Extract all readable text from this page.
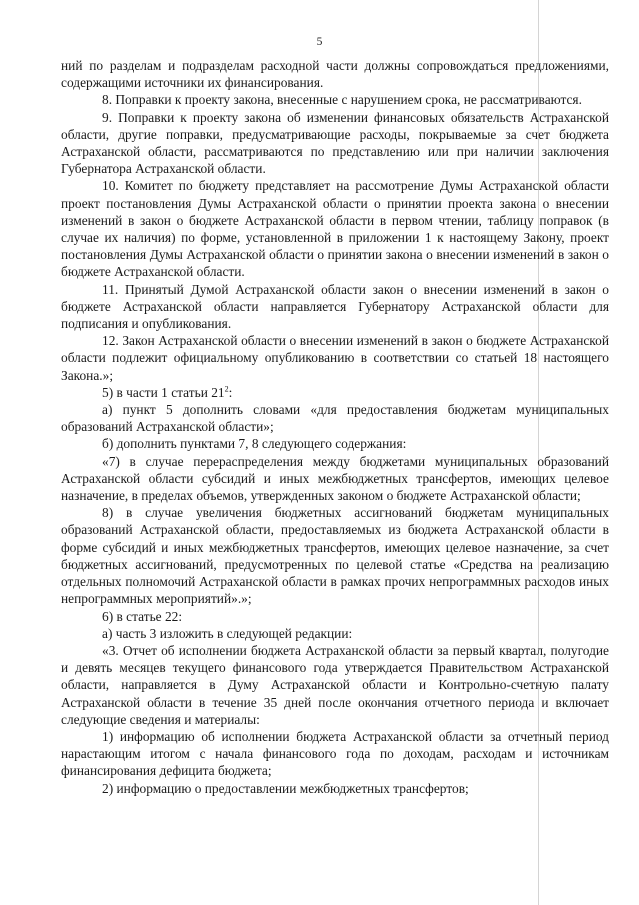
5

ний по разделам и подразделам расходной части должны сопровождаться предложениями, содержащими источники их финансирования.

8. Поправки к проекту закона, внесенные с нарушением срока, не рассматриваются.

9. Поправки к проекту закона об изменении финансовых обязательств Астраханской области, другие поправки, предусматривающие расходы, покрываемые за счет бюджета Астраханской области, рассматриваются по представлению или при наличии заключения Губернатора Астраханской области.

10. Комитет по бюджету представляет на рассмотрение Думы Астраханской области проект постановления Думы Астраханской области о принятии проекта закона о внесении изменений в закон о бюджете Астраханской области в первом чтении, таблицу поправок (в случае их наличия) по форме, установленной в приложении 1 к настоящему Закону, проект постановления Думы Астраханской области о принятии закона о внесении изменений в закон о бюджете Астраханской области.

11. Принятый Думой Астраханской области закон о внесении изменений в закон о бюджете Астраханской области направляется Губернатору Астраханской области для подписания и опубликования.

12. Закон Астраханской области о внесении изменений в закон о бюджете Астраханской области подлежит официальному опубликованию в соответствии со статьей 18 настоящего Закона.»;

5) в части 1 статьи $21^2$:

а) пункт 5 дополнить словами «для предоставления бюджетам муниципальных образований Астраханской области»;

б) дополнить пунктами 7, 8 следующего содержания:

«7) в случае перераспределения между бюджетами муниципальных образований Астраханской области субсидий и иных межбюджетных трансфертов, имеющих целевое назначение, в пределах объемов, утвержденных законом о бюджете Астраханской области;

8) в случае увеличения бюджетных ассигнований бюджетам муниципальных образований Астраханской области, предоставляемых из бюджета Астраханской области в форме субсидий и иных межбюджетных трансфертов, имеющих целевое назначение, за счет бюджетных ассигнований, предусмотренных по целевой статье «Средства на реализацию отдельных полномочий Астраханской области в рамках прочих непрограммных расходов иных непрограммных мероприятий».»;

6) в статье 22:

а) часть 3 изложить в следующей редакции:

«3. Отчет об исполнении бюджета Астраханской области за первый квартал, полугодие и девять месяцев текущего финансового года утверждается Правительством Астраханской области, направляется в Думу Астраханской области и Контрольно-счетную палату Астраханской области в течение 35 дней после окончания отчетного периода и включает следующие сведения и материалы:

1) информацию об исполнении бюджета Астраханской области за отчетный период нарастающим итогом с начала финансового года по доходам, расходам и источникам финансирования дефицита бюджета;

2) информацию о предоставлении межбюджетных трансфертов;
